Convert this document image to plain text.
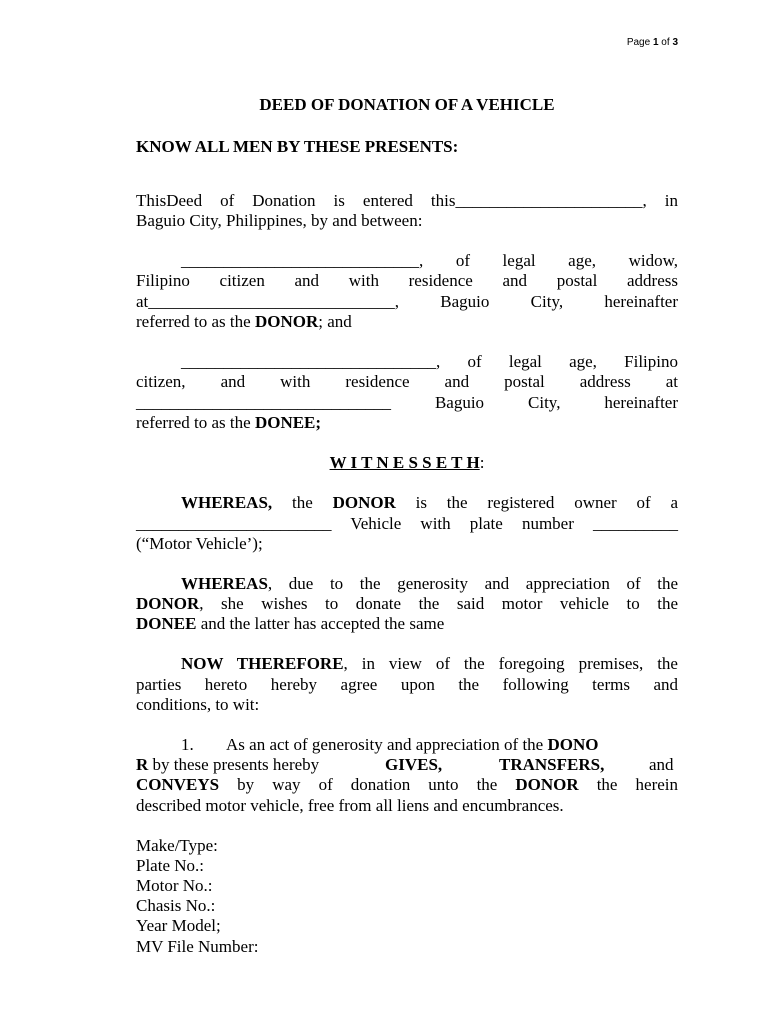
Page 1 of 3

DEED OF DONATION OF A VEHICLE

KNOW ALL MEN BY THESE PRESENTS:

ThisDeed of Donation is entered this______________________, in

Baguio City, Philippines, by and between:

____________________________, of legal age, widow,

Filipino citizen and with residence and postal address

at_____________________________, Baguio City, hereinafter

referred to as the DONOR; and

______________________________, of legal age, Filipino

citizen, and with residence and postal address at

______________________________	Baguio City, hereinafter

referred to as the DONEE;

W I T N E S S E T H:

WHEREAS, the DONOR is the registered owner of a

_______________________ Vehicle with plate number __________

(“Motor Vehicle’);

WHEREAS, due to the generosity and appreciation of the

DONOR, she wishes to donate the said motor vehicle to the

DONEE and the latter has accepted the same

NOW THEREFORE, in view of the foregoing premises, the

parties hereto hereby agree upon the following terms and

conditions, to wit:

1. As an act of generosity and appreciation of the DONO

R by these presents hereby	GIVES,	TRANSFERS,	and

CONVEYS by way of donation unto the DONOR the herein

described motor vehicle, free from all liens and encumbrances.

Make/Type:

Plate No.:

Motor No.:

Chasis No.:

Year Model;

MV File Number:
